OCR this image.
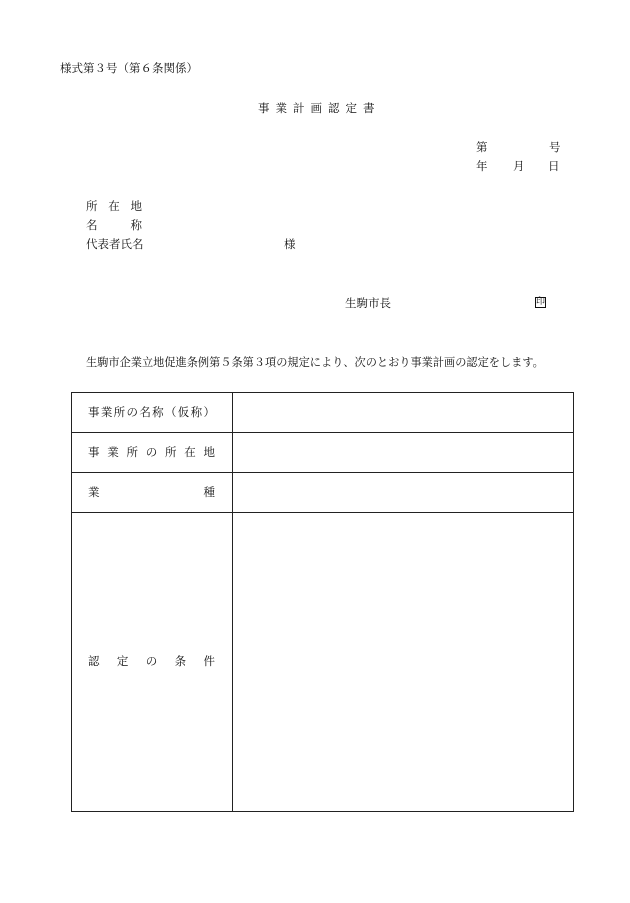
様式第３号（第６条関係）
事業計画認定書
第	号
年 月 日
所 在 地
名	称
代 表 者 氏 名	様
生駒市長	印
生駒市企業立地促進条例第５条第３項の規定により、次のとおり事業計画の認定をします。
事 業 所 の 名 称 （ 仮 称 ）
事 業 所 の 所 在 地
業	種
認 定 の 条 件
